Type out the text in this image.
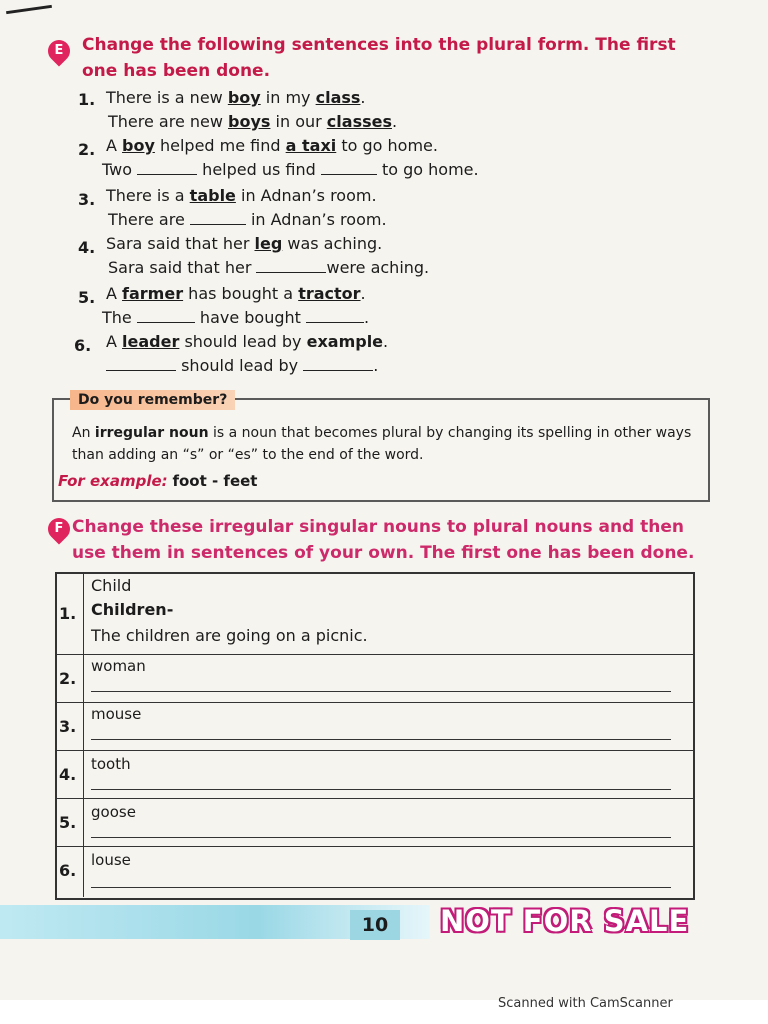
E	Change the following sentences into the plural form. The first
one has been done.
1. There is a new boy in my class.
There are new boys in our classes.
2. A boy helped me find a taxi to go home.
Two	helped us find	to go home.
3. There is a table in Adnan’s room.
There are	in Adnan’s room.
4. Sara said that her leg was aching.
Sara said that her	were aching.
5. A farmer has bought a tractor.
The	have bought	.
6. A leader should lead by example.
should lead by	.
Do you remember?
An irregular noun is a noun that becomes plural by changing its spelling in other ways than adding an “s” or “es” to the end of the word.
For example: foot - feet
F Change these irregular singular nouns to plural nouns and then
use them in sentences of your own. The first one has been done.
1.
Child
Children-
The children are going on a picnic.
2.
woman
3.
mouse
4.
tooth
5.
goose
6.
louse
10	NOT FOR SALE
Scanned with CamScanner
